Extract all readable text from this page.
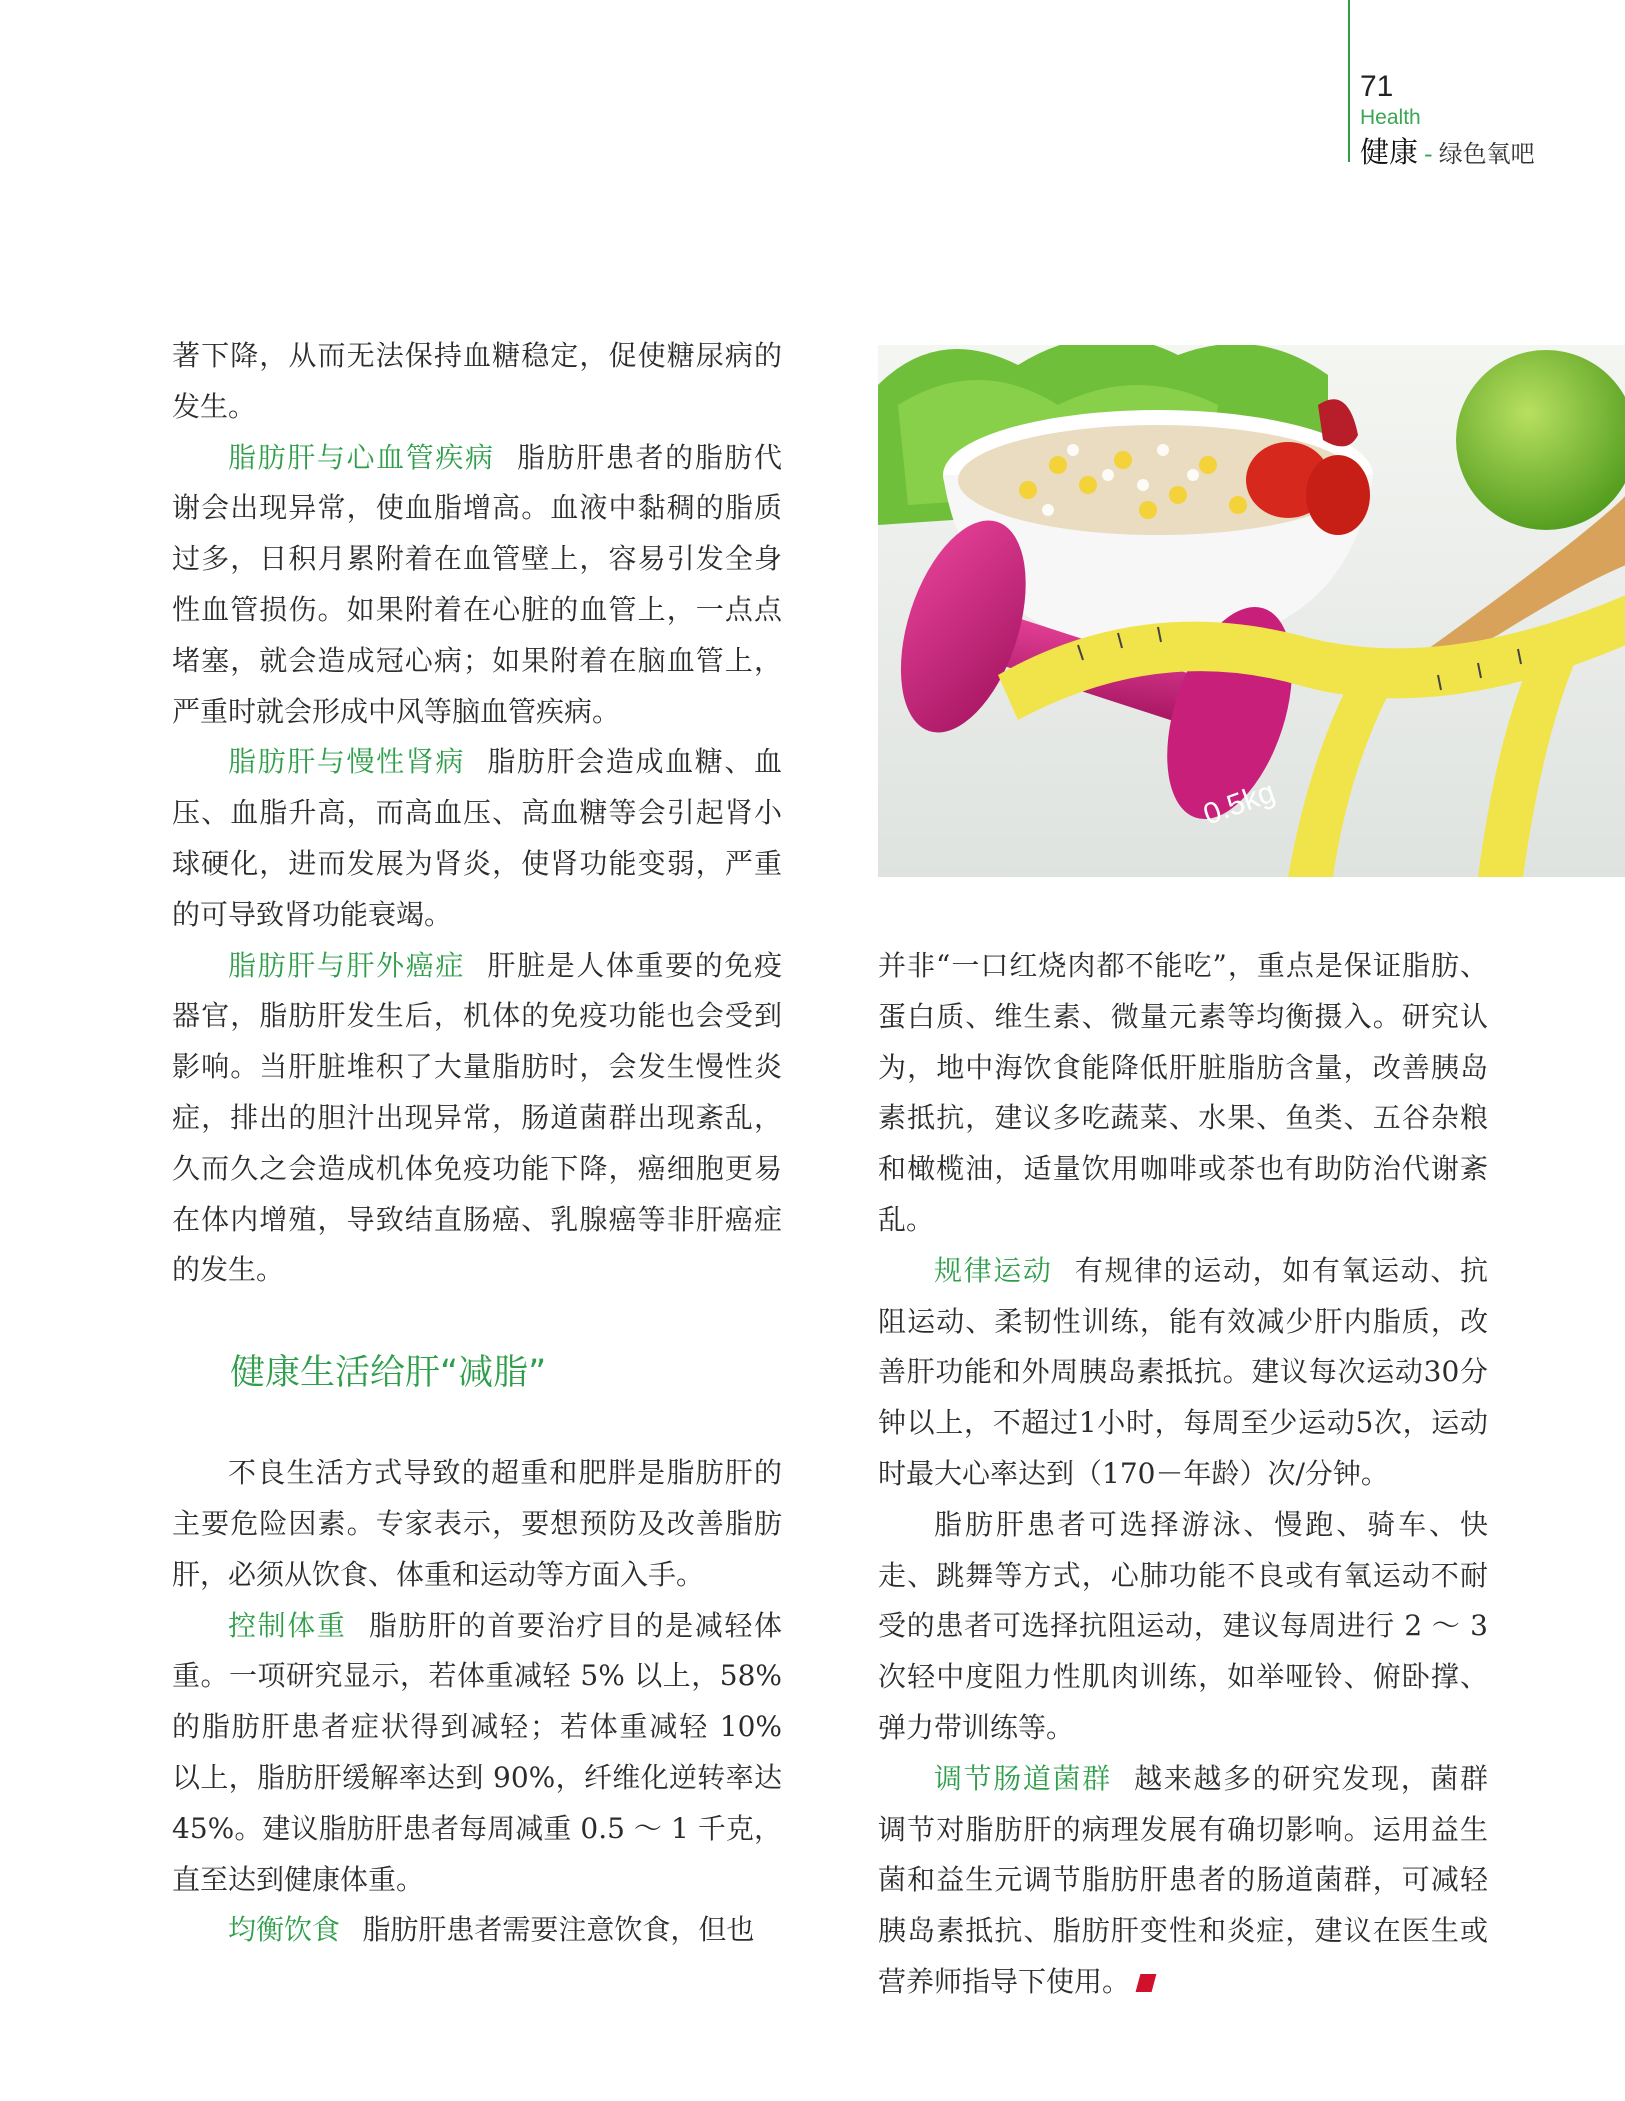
71
Health
健康 - 绿色氧吧

著下降，从而无法保持血糖稳定，促使糖尿病的发生。

脂肪肝与心血管疾病 脂肪肝患者的脂肪代谢会出现异常，使血脂增高。血液中黏稠的脂质过多，日积月累附着在血管壁上，容易引发全身性血管损伤。如果附着在心脏的血管上，一点点堵塞，就会造成冠心病；如果附着在脑血管上，严重时就会形成中风等脑血管疾病。

脂肪肝与慢性肾病 脂肪肝会造成血糖、血压、血脂升高，而高血压、高血糖等会引起肾小球硬化，进而发展为肾炎，使肾功能变弱，严重的可导致肾功能衰竭。

脂肪肝与肝外癌症 肝脏是人体重要的免疫器官，脂肪肝发生后，机体的免疫功能也会受到影响。当肝脏堆积了大量脂肪时，会发生慢性炎症，排出的胆汁出现异常，肠道菌群出现紊乱，久而久之会造成机体免疫功能下降，癌细胞更易在体内增殖，导致结直肠癌、乳腺癌等非肝癌症的发生。

健康生活给肝“减脂”

不良生活方式导致的超重和肥胖是脂肪肝的主要危险因素。专家表示，要想预防及改善脂肪肝，必须从饮食、体重和运动等方面入手。

控制体重 脂肪肝的首要治疗目的是减轻体重。一项研究显示，若体重减轻 5% 以上，58% 的脂肪肝患者症状得到减轻；若体重减轻 10% 以上，脂肪肝缓解率达到 90%，纤维化逆转率达 45%。建议脂肪肝患者每周减重 0.5 ～ 1 千克，直至达到健康体重。

均衡饮食 脂肪肝患者需要注意饮食，但也

0.5kg

并非“一口红烧肉都不能吃”，重点是保证脂肪、蛋白质、维生素、微量元素等均衡摄入。研究认为，地中海饮食能降低肝脏脂肪含量，改善胰岛素抵抗，建议多吃蔬菜、水果、鱼类、五谷杂粮和橄榄油，适量饮用咖啡或茶也有助防治代谢紊乱。

规律运动 有规律的运动，如有氧运动、抗阻运动、柔韧性训练，能有效减少肝内脂质，改善肝功能和外周胰岛素抵抗。建议每次运动30分钟以上，不超过1小时，每周至少运动5次，运动时最大心率达到（170－年龄）次/分钟。

脂肪肝患者可选择游泳、慢跑、骑车、快走、跳舞等方式，心肺功能不良或有氧运动不耐受的患者可选择抗阻运动，建议每周进行 2 ～ 3 次轻中度阻力性肌肉训练，如举哑铃、俯卧撑、弹力带训练等。

调节肠道菌群 越来越多的研究发现，菌群调节对脂肪肝的病理发展有确切影响。运用益生菌和益生元调节脂肪肝患者的肠道菌群，可减轻胰岛素抵抗、脂肪肝变性和炎症，建议在医生或营养师指导下使用。
